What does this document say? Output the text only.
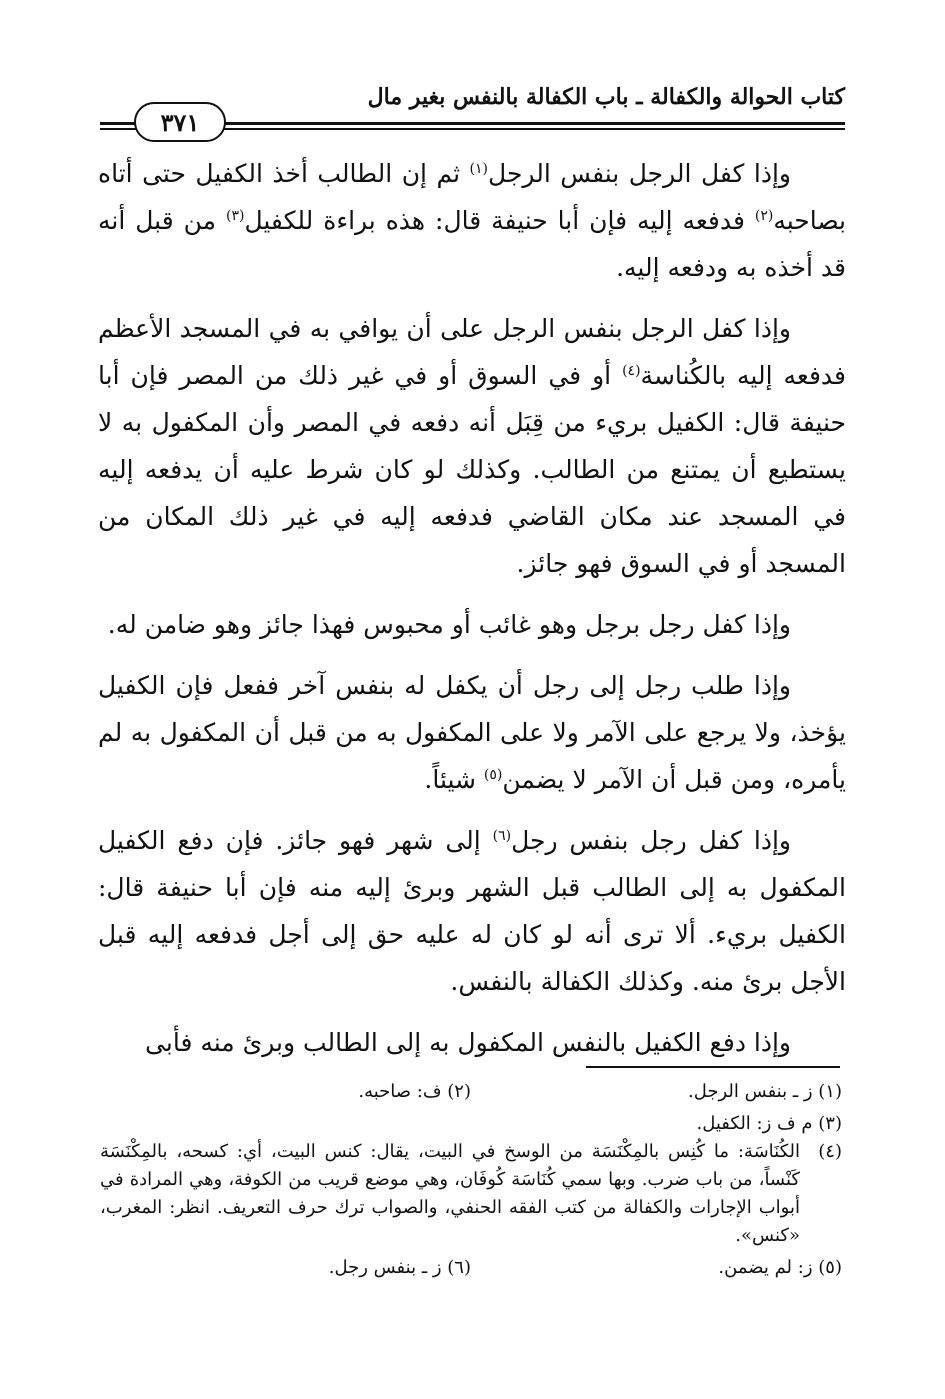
كتاب الحوالة والكفالة ـ باب الكفالة بالنفس بغير مال
٣٧١

وإذا كفل الرجل بنفس الرجل$^{(١)}$ ثم إن الطالب أخذ الكفيل حتى أتاه بصاحبه$^{(٢)}$ فدفعه إليه فإن أبا حنيفة قال: هذه براءة للكفيل$^{(٣)}$ من قبل أنه قد أخذه به ودفعه إليه.

وإذا كفل الرجل بنفس الرجل على أن يوافي به في المسجد الأعظم فدفعه إليه بالكُناسة$^{(٤)}$ أو في السوق أو في غير ذلك من المصر فإن أبا حنيفة قال: الكفيل بريء من قِبَل أنه دفعه في المصر وأن المكفول به لا يستطيع أن يمتنع من الطالب. وكذلك لو كان شرط عليه أن يدفعه إليه في المسجد عند مكان القاضي فدفعه إليه في غير ذلك المكان من المسجد أو في السوق فهو جائز.

وإذا كفل رجل برجل وهو غائب أو محبوس فهذا جائز وهو ضامن له.

وإذا طلب رجل إلى رجل أن يكفل له بنفس آخر ففعل فإن الكفيل يؤخذ، ولا يرجع على الآمر ولا على المكفول به من قبل أن المكفول به لم يأمره، ومن قبل أن الآمر لا يضمن$^{(٥)}$ شيئاً.

وإذا كفل رجل بنفس رجل$^{(٦)}$ إلى شهر فهو جائز. فإن دفع الكفيل المكفول به إلى الطالب قبل الشهر وبرئ إليه منه فإن أبا حنيفة قال: الكفيل بريء. ألا ترى أنه لو كان له عليه حق إلى أجل فدفعه إليه قبل الأجل برئ منه. وكذلك الكفالة بالنفس.

وإذا دفع الكفيل بالنفس المكفول به إلى الطالب وبرئ منه فأبى

(١) ز ـ بنفس الرجل.
(٢) ف: صاحبه.
(٣) م ف ز: الكفيل.
(٤)
الكُنَاسَة: ما كُنِس بالمِكْنَسَة من الوسخ في البيت، يقال: كنس البيت، أي: كسحه، بالمِكْنَسَة كَنْساً، من باب ضرب. وبها سمي كُنَاسَة كُوفَان، وهي موضع قريب من الكوفة، وهي المرادة في أبواب الإجارات والكفالة من كتب الفقه الحنفي، والصواب ترك حرف التعريف. انظر: المغرب، «كنس».
(٥) ز: لم يضمن.
(٦) ز ـ بنفس رجل.
